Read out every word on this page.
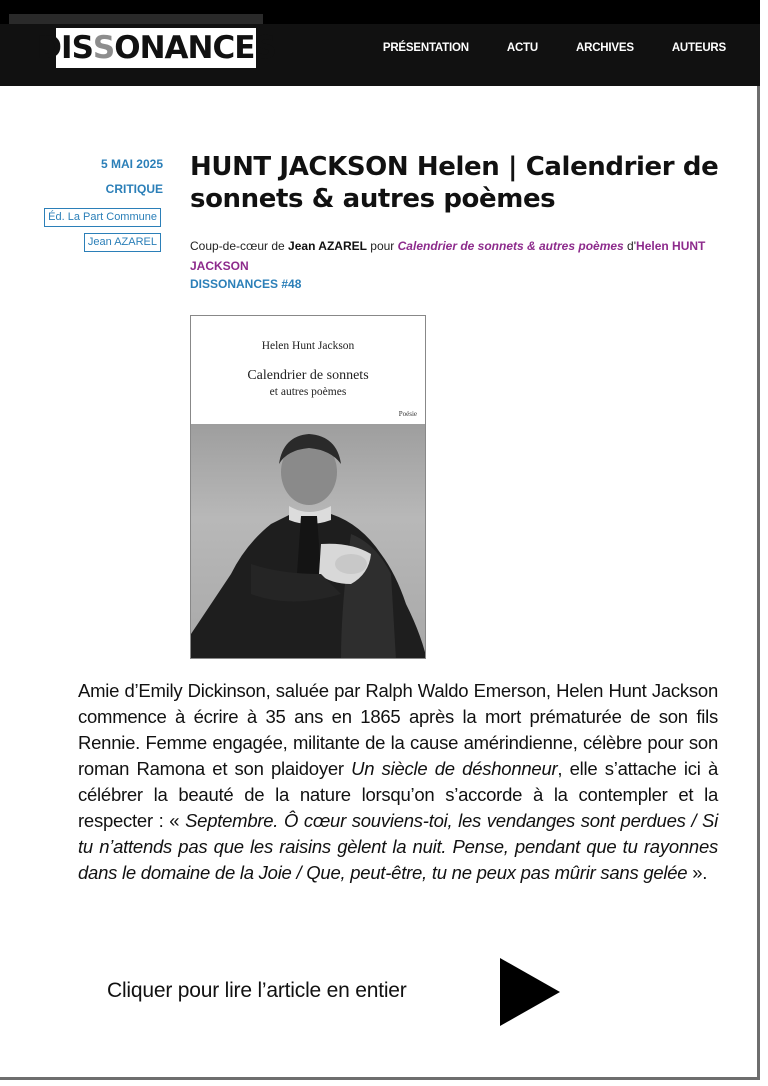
DIS S ONANCES	PRÉSENTATION	ACTU	ARCHIVES	AUTEURS
5 MAI 2025
CRITIQUE
Éd. La Part Commune
Jean AZAREL
HUNT JACKSON Helen | Calendrier de sonnets & autres poèmes
Coup-de-cœur de Jean AZAREL pour Calendrier de sonnets & autres poèmes d'Helen HUNT JACKSON
DISSONANCES #48
Helen Hunt Jackson
Calendrier de sonnets
et autres poèmes
Poésie
Amie d’Emily Dickinson, saluée par Ralph Waldo Emerson, Helen Hunt Jackson commence à écrire à 35 ans en 1865 après la mort prématurée de son fils Rennie. Femme engagée, militante de la cause amérindienne, célèbre pour son roman Ramona et son plaidoyer Un siècle de déshonneur, elle s’attache ici à célébrer la beauté de la nature lorsqu’on s’accorde à la contempler et la respecter : « Septembre. Ô cœur souviens-toi, les vendanges sont perdues / Si tu n’attends pas que les raisins gèlent la nuit. Pense, pendant que tu rayonnes dans le domaine de la Joie / Que, peut-être, tu ne peux pas mûrir sans gelée ».
Cliquer pour lire l’article en entier
